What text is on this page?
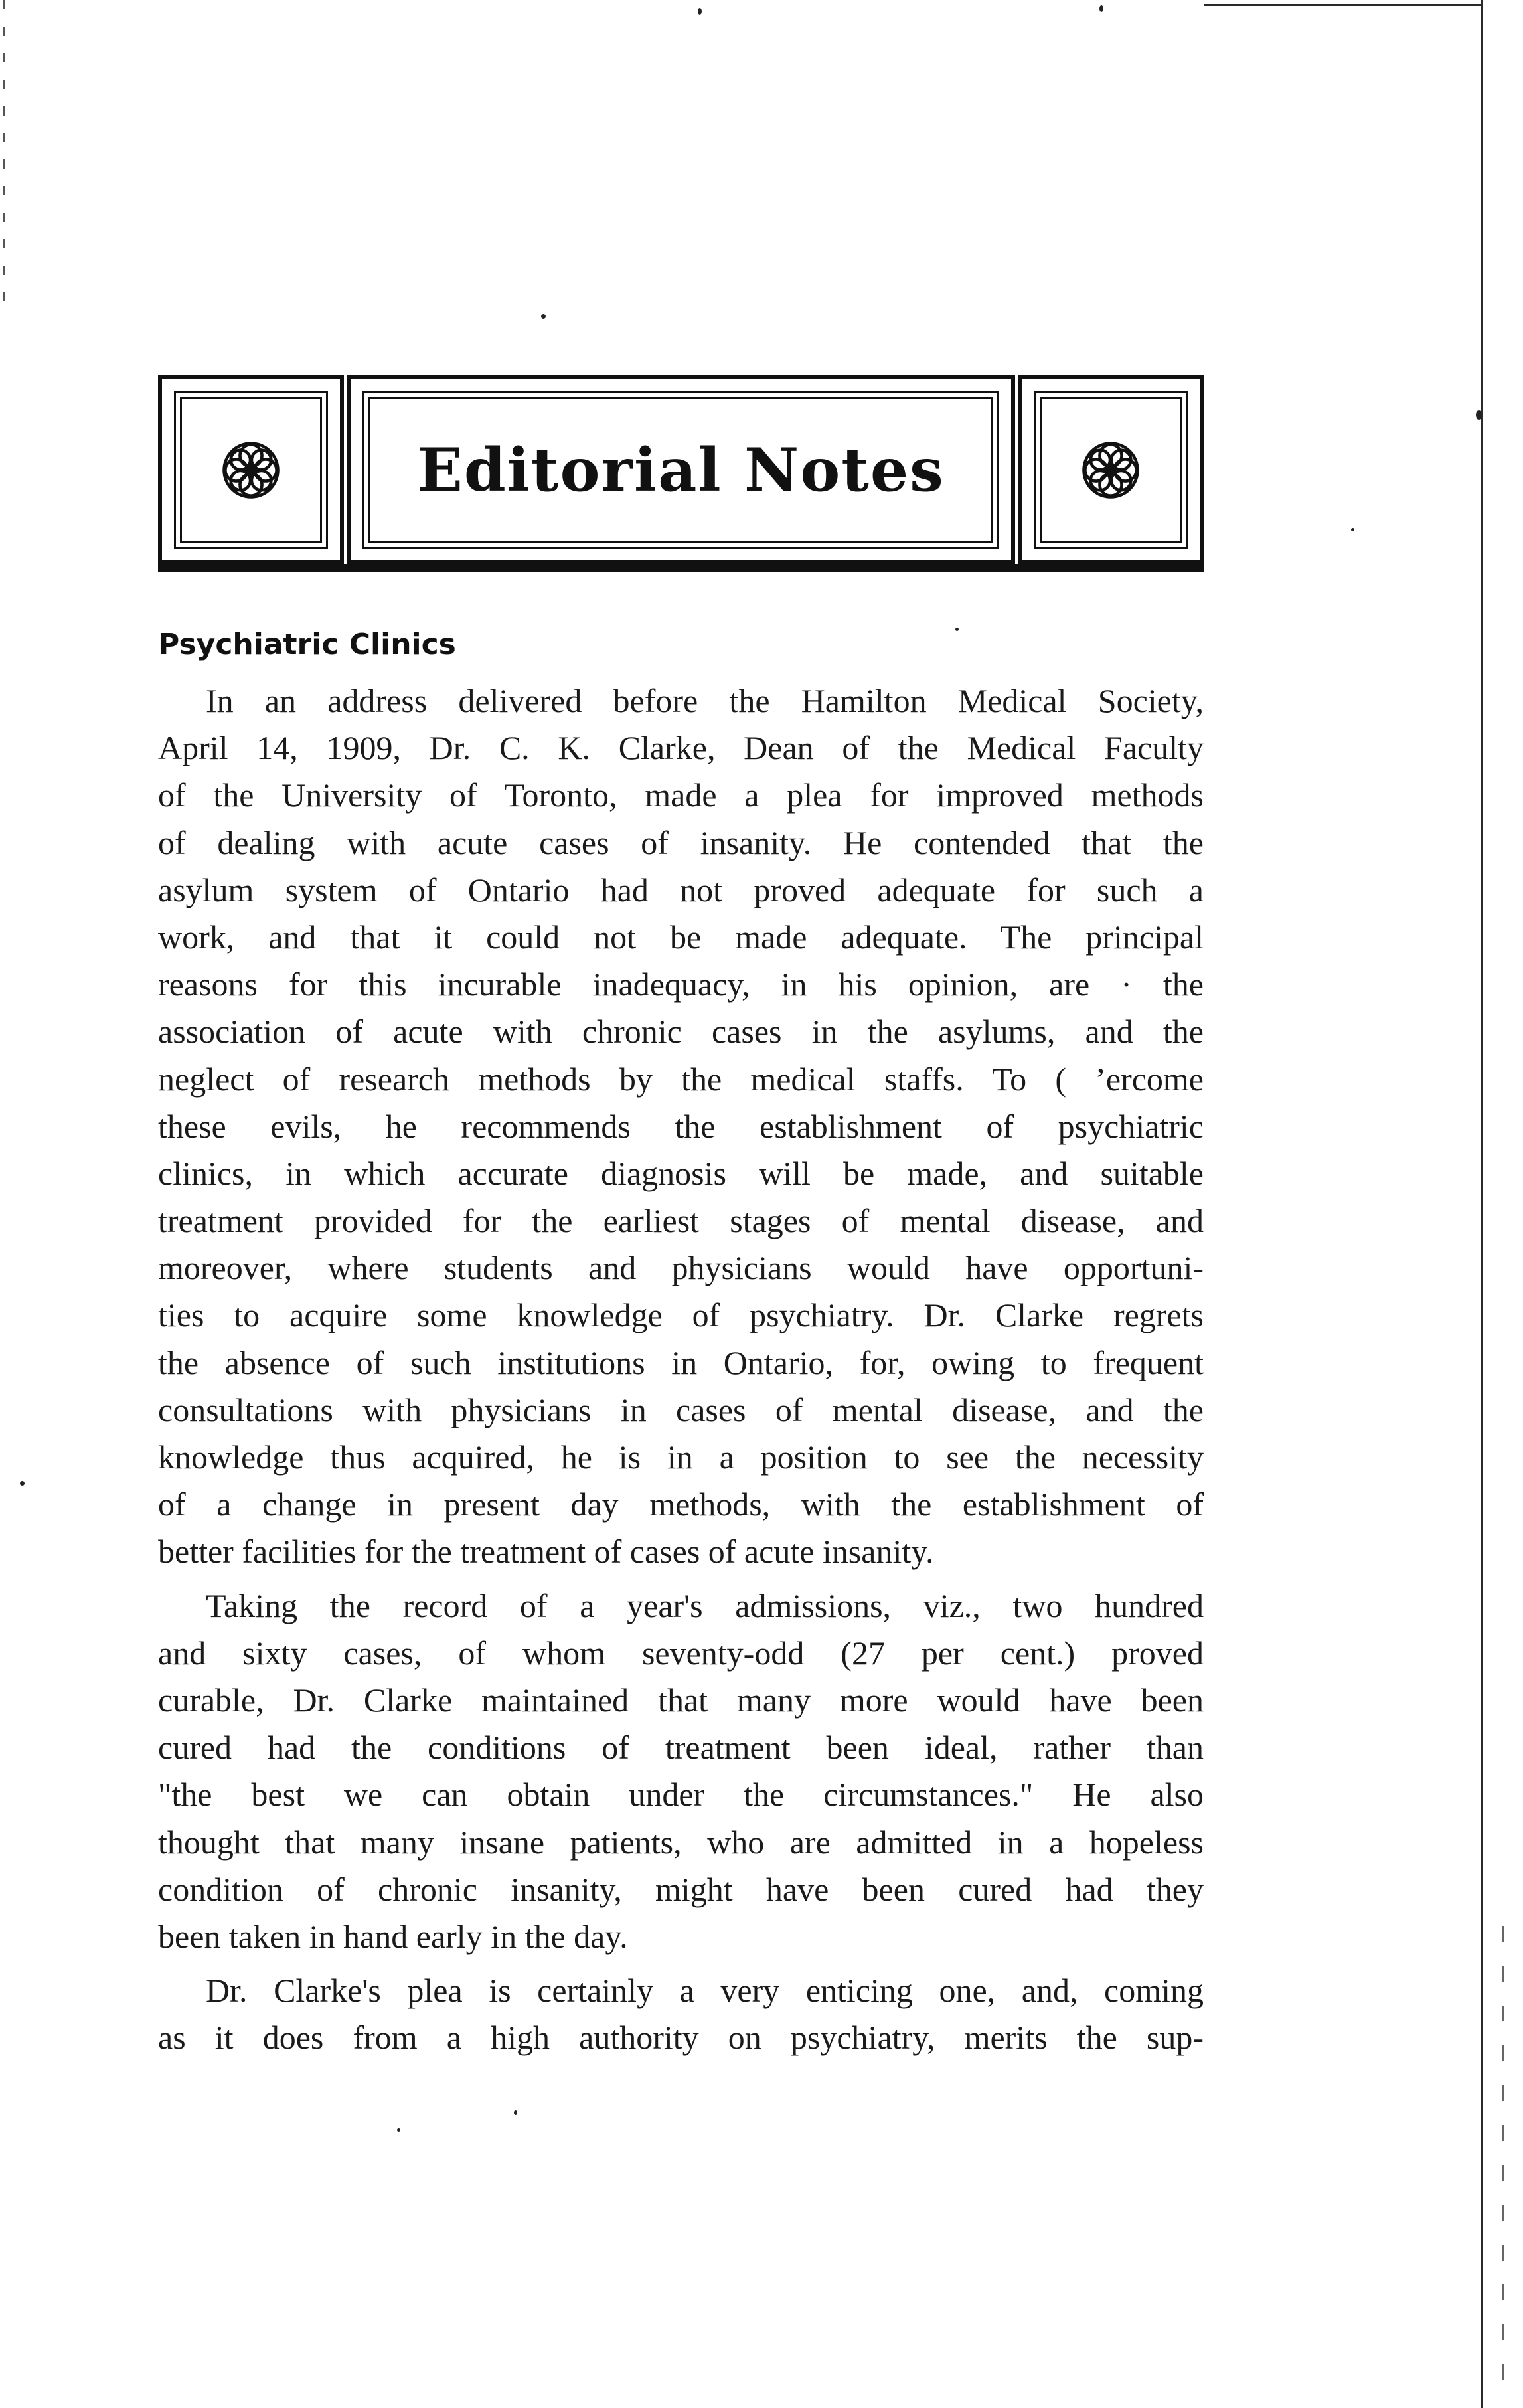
Editorial Notes
Psychiatric Clinics
In an address delivered before the Hamilton Medical Society,
April 14, 1909, Dr. C. K. Clarke, Dean of the Medical Faculty
of the University of Toronto, made a plea for improved methods
of dealing with acute cases of insanity. He contended that the
asylum system of Ontario had not proved adequate for such a
work, and that it could not be made adequate. The principal
reasons for this incurable inadequacy, in his opinion, are · the
association of acute with chronic cases in the asylums, and the
neglect of research methods by the medical staffs. To ( ʼercome
these evils, he recommends the establishment of psychiatric
clinics, in which accurate diagnosis will be made, and suitable
treatment provided for the earliest stages of mental disease, and
moreover, where students and physicians would have opportuni-
ties to acquire some knowledge of psychiatry. Dr. Clarke regrets
the absence of such institutions in Ontario, for, owing to frequent
consultations with physicians in cases of mental disease, and the
knowledge thus acquired, he is in a position to see the necessity
of a change in present day methods, with the establishment of
better facilities for the treatment of cases of acute insanity.
Taking the record of a year's admissions, viz., two hundred
and sixty cases, of whom seventy-odd (27 per cent.) proved
curable, Dr. Clarke maintained that many more would have been
cured had the conditions of treatment been ideal, rather than
"the best we can obtain under the circumstances." He also
thought that many insane patients, who are admitted in a hopeless
condition of chronic insanity, might have been cured had they
been taken in hand early in the day.
Dr. Clarke's plea is certainly a very enticing one, and, coming
as it does from a high authority on psychiatry, merits the sup-
